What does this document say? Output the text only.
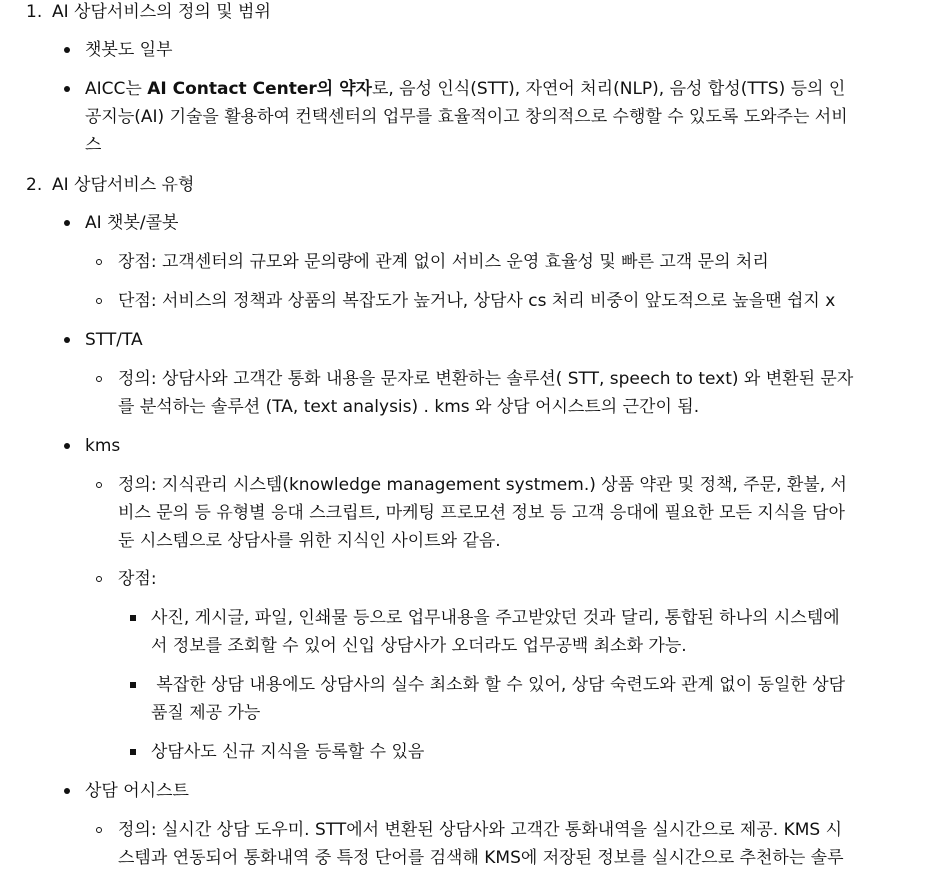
1. AI 상담서비스의 정의 및 범위
챗봇도 일부
AICC는 AI Contact Center의 약자로, 음성 인식(STT), 자연어 처리(NLP), 음성 합성(TTS) 등의 인
공지능(AI) 기술을 활용하여 컨택센터의 업무를 효율적이고 창의적으로 수행할 수 있도록 도와주는 서비
스
2. AI 상담서비스 유형
AI 챗봇/콜봇
장점: 고객센터의 규모와 문의량에 관계 없이 서비스 운영 효율성 및 빠른 고객 문의 처리
단점: 서비스의 정책과 상품의 복잡도가 높거나, 상담사 cs 처리 비중이 앞도적으로 높을땐 쉽지 x
STT/TA
정의: 상담사와 고객간 통화 내용을 문자로 변환하는 솔루션( STT, speech to text) 와 변환된 문자
를 분석하는 솔루션 (TA, text analysis) . kms 와 상담 어시스트의 근간이 됨.
kms
정의: 지식관리 시스템(knowledge management systmem.) 상품 약관 및 정책, 주문, 환불, 서
비스 문의 등 유형별 응대 스크립트, 마케팅 프로모션 정보 등 고객 응대에 필요한 모든 지식을 담아
둔 시스템으로 상담사를 위한 지식인 사이트와 같음.
장점:
사진, 게시글, 파일, 인쇄물 등으로 업무내용을 주고받았던 것과 달리, 통합된 하나의 시스템에
서 정보를 조회할 수 있어 신입 상담사가 오더라도 업무공백 최소화 가능.
복잡한 상담 내용에도 상담사의 실수 최소화 할 수 있어, 상담 숙련도와 관계 없이 동일한 상담
품질 제공 가능
상담사도 신규 지식을 등록할 수 있음
상담 어시스트
정의: 실시간 상담 도우미. STT에서 변환된 상담사와 고객간 통화내역을 실시간으로 제공. KMS 시
스템과 연동되어 통화내역 중 특정 단어를 검색해 KMS에 저장된 정보를 실시간으로 추천하는 솔루
